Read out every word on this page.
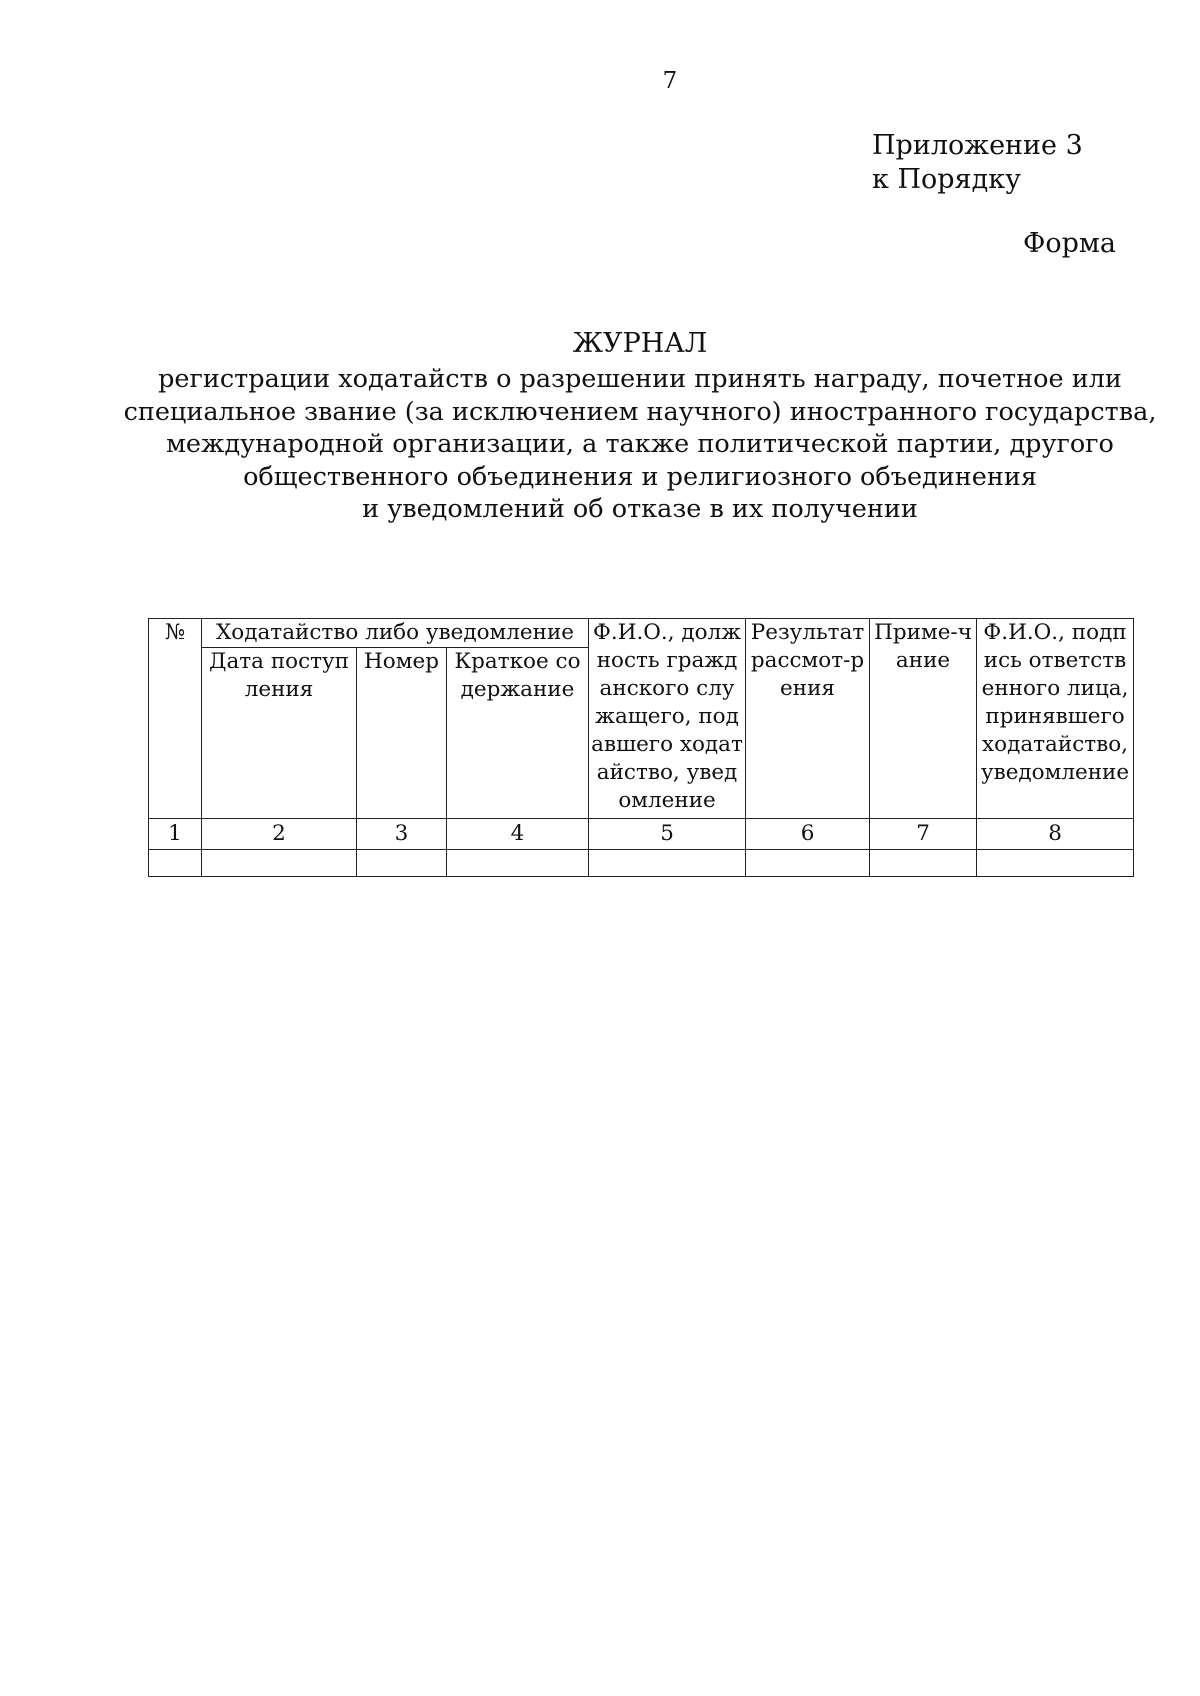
7
Приложение 3
к Порядку
Форма
ЖУРНАЛ

регистрации ходатайств о разрешении принять награду, почетное или

специальное звание (за исключением научного) иностранного государства,

международной организации, а также политической партии, другого

общественного объединения и религиозного объединения

и уведомлений об отказе в их получении

№	Ходатайство либо уведомление			Ф.И.О., должность гражданского служащего, подавшего ходатайство, уведомление	Результат рассмот-рения	Приме-чание	Ф.И.О., подпись ответственного лица, принявшего ходатайство, уведомление
	Дата поступления	Номер	Краткое содержание				
1	2	3	4	5	6	7	8
